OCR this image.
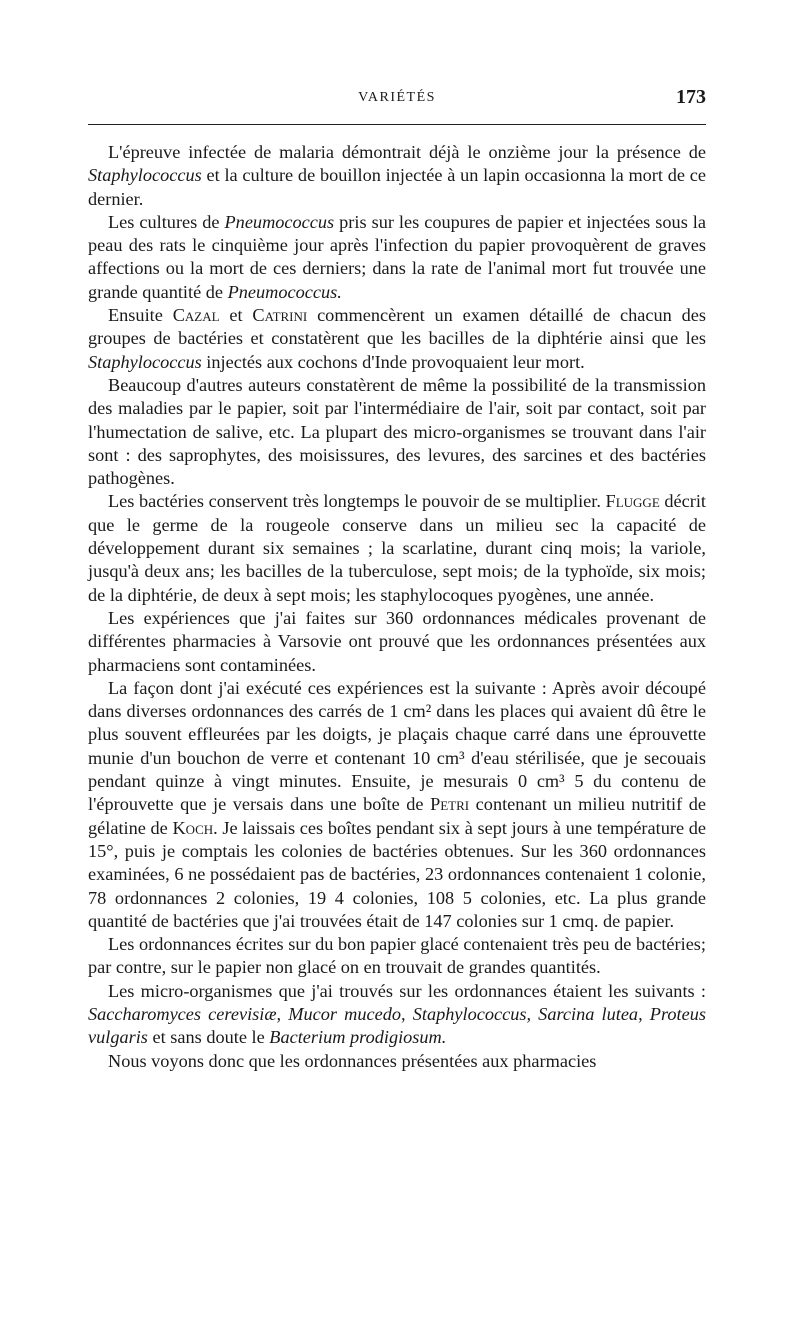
VARIÉTÉS	173

L'épreuve infectée de malaria démontrait déjà le onzième jour la présence de Staphylococcus et la culture de bouillon injectée à un lapin occasionna la mort de ce dernier.

Les cultures de Pneumococcus pris sur les coupures de papier et injectées sous la peau des rats le cinquième jour après l'infection du papier provoquèrent de graves affections ou la mort de ces derniers; dans la rate de l'animal mort fut trouvée une grande quantité de Pneumococcus.

Ensuite Cazal et Catrini commencèrent un examen détaillé de chacun des groupes de bactéries et constatèrent que les bacilles de la diphtérie ainsi que les Staphylococcus injectés aux cochons d'Inde provoquaient leur mort.

Beaucoup d'autres auteurs constatèrent de même la possibilité de la transmission des maladies par le papier, soit par l'intermédiaire de l'air, soit par contact, soit par l'humectation de salive, etc. La plupart des micro-organismes se trouvant dans l'air sont : des saprophytes, des moisissures, des levures, des sarcines et des bactéries pathogènes.

Les bactéries conservent très longtemps le pouvoir de se multiplier. Flugge décrit que le germe de la rougeole conserve dans un milieu sec la capacité de développement durant six semaines ; la scarlatine, durant cinq mois; la variole, jusqu'à deux ans; les bacilles de la tuberculose, sept mois; de la typhoïde, six mois; de la diphtérie, de deux à sept mois; les staphylocoques pyogènes, une année.

Les expériences que j'ai faites sur 360 ordonnances médicales provenant de différentes pharmacies à Varsovie ont prouvé que les ordonnances présentées aux pharmaciens sont contaminées.

La façon dont j'ai exécuté ces expériences est la suivante : Après avoir découpé dans diverses ordonnances des carrés de 1 cm² dans les places qui avaient dû être le plus souvent effleurées par les doigts, je plaçais chaque carré dans une éprouvette munie d'un bouchon de verre et contenant 10 cm³ d'eau stérilisée, que je secouais pendant quinze à vingt minutes. Ensuite, je mesurais 0 cm³ 5 du contenu de l'éprouvette que je versais dans une boîte de Petri contenant un milieu nutritif de gélatine de Koch. Je laissais ces boîtes pendant six à sept jours à une température de 15°, puis je comptais les colonies de bactéries obtenues. Sur les 360 ordonnances examinées, 6 ne possédaient pas de bactéries, 23 ordonnances contenaient 1 colonie, 78 ordonnances 2 colonies, 19 4 colonies, 108 5 colonies, etc. La plus grande quantité de bactéries que j'ai trouvées était de 147 colonies sur 1 cmq. de papier.

Les ordonnances écrites sur du bon papier glacé contenaient très peu de bactéries; par contre, sur le papier non glacé on en trouvait de grandes quantités.

Les micro-organismes que j'ai trouvés sur les ordonnances étaient les suivants : Saccharomyces cerevisiæ, Mucor mucedo, Staphylococcus, Sarcina lutea, Proteus vulgaris et sans doute le Bacterium prodigiosum.

Nous voyons donc que les ordonnances présentées aux pharmacies
